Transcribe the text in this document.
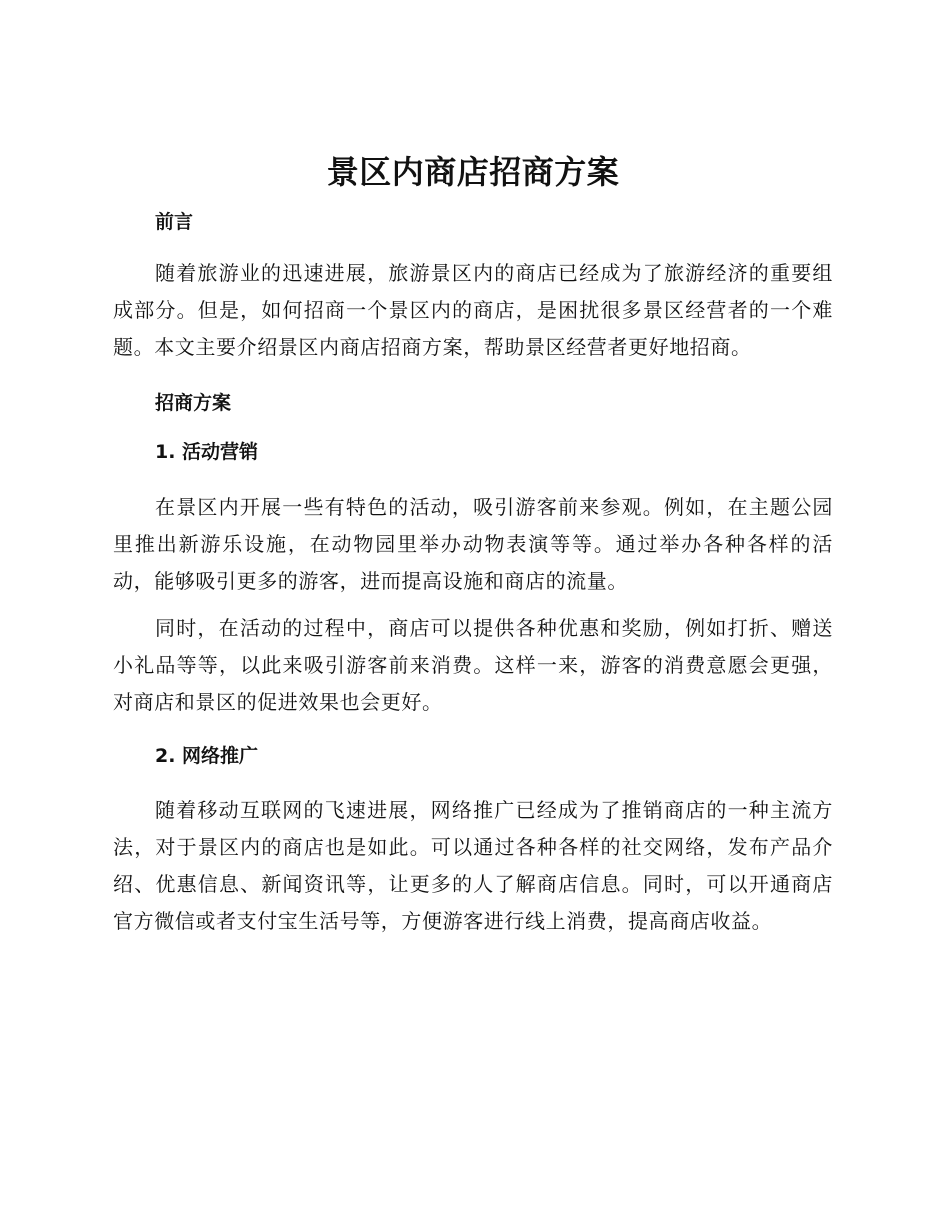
景区内商店招商方案
前言

随着旅游业的迅速进展，旅游景区内的商店已经成为了旅游经济的重要组成部分。但是，如何招商一个景区内的商店，是困扰很多景区经营者的一个难题。本文主要介绍景区内商店招商方案，帮助景区经营者更好地招商。

招商方案
1. 活动营销

在景区内开展一些有特色的活动，吸引游客前来参观。例如，在主题公园里推出新游乐设施，在动物园里举办动物表演等等。通过举办各种各样的活动，能够吸引更多的游客，进而提高设施和商店的流量。

同时，在活动的过程中，商店可以提供各种优惠和奖励，例如打折、赠送小礼品等等，以此来吸引游客前来消费。这样一来，游客的消费意愿会更强，对商店和景区的促进效果也会更好。

2. 网络推广

随着移动互联网的飞速进展，网络推广已经成为了推销商店的一种主流方法，对于景区内的商店也是如此。可以通过各种各样的社交网络，发布产品介绍、优惠信息、新闻资讯等，让更多的人了解商店信息。同时，可以开通商店官方微信或者支付宝生活号等，方便游客进行线上消费，提高商店收益。
